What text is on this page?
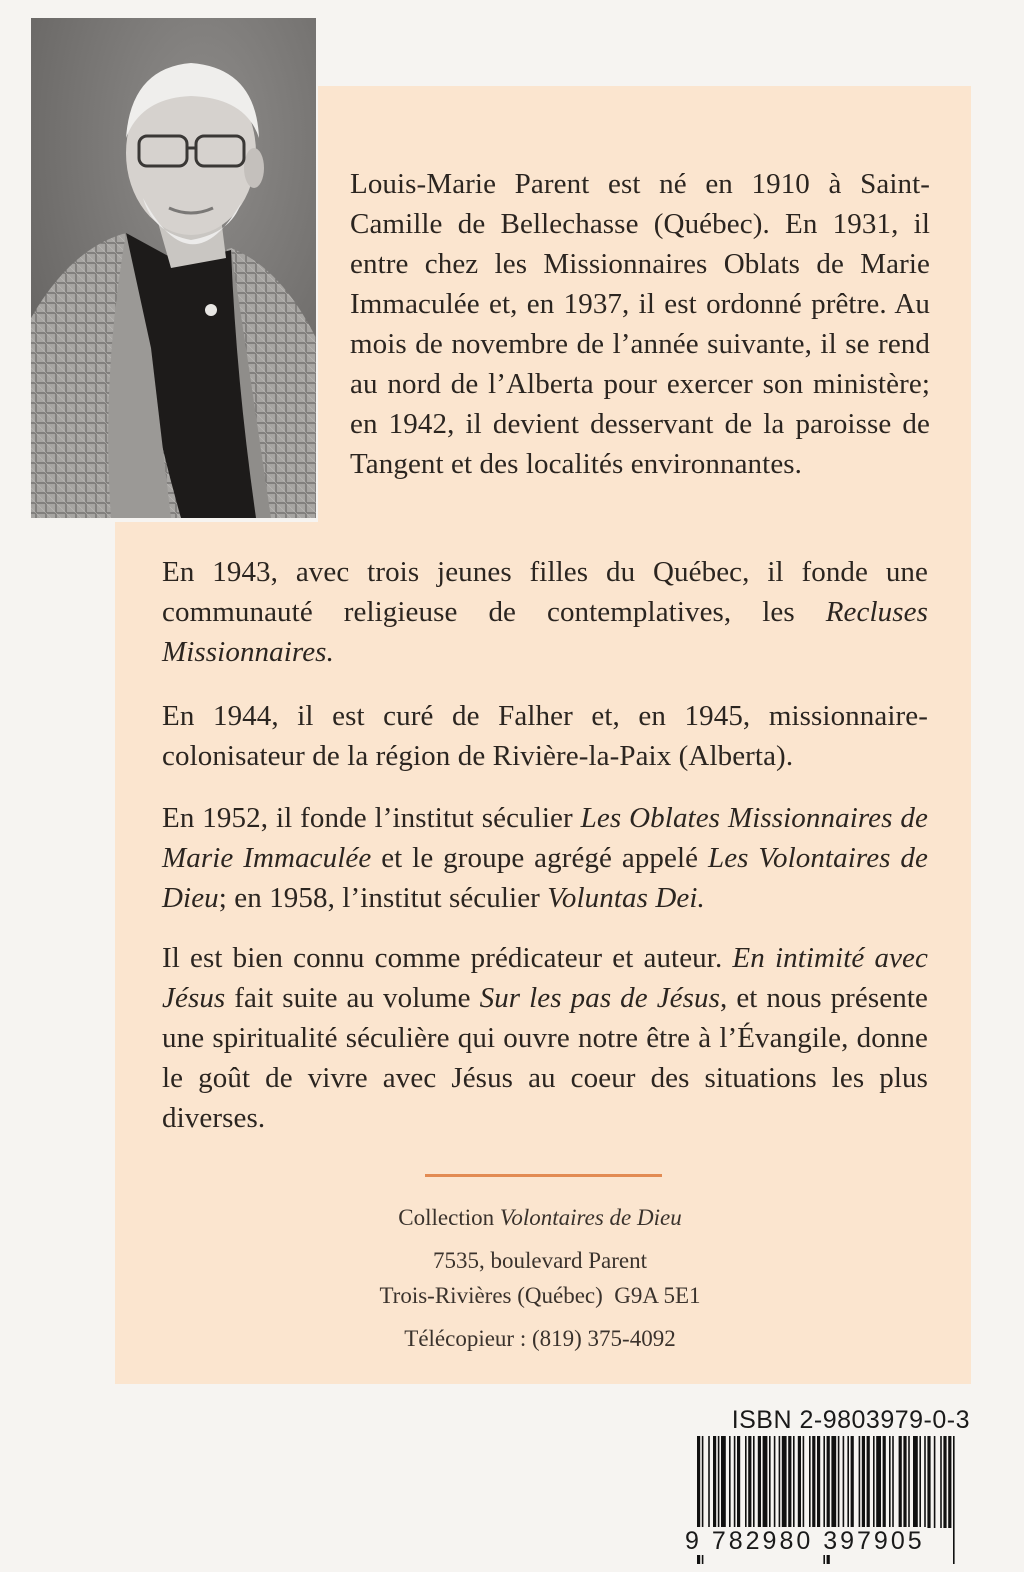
Louis-Marie Parent est né en 1910 à Saint-Camille de Bellechasse (Québec). En 1931, il entre chez les Missionnaires Oblats de Marie Immaculée et, en 1937, il est ordonné prêtre. Au mois de novembre de l’année suivante, il se rend au nord de l’Alberta pour exercer son ministère; en 1942, il devient desservant de la paroisse de Tangent et des localités environnantes.

En 1943, avec trois jeunes filles du Québec, il fonde une communauté religieuse de contemplatives, les Recluses Missionnaires.

En 1944, il est curé de Falher et, en 1945, missionnaire-colonisateur de la région de Rivière-la-Paix (Alberta).

En 1952, il fonde l’institut séculier Les Oblates Missionnaires de Marie Immaculée et le groupe agrégé appelé Les Volontaires de Dieu; en 1958, l’institut séculier Voluntas Dei.

Il est bien connu comme prédicateur et auteur. En intimité avec Jésus fait suite au volume Sur les pas de Jésus, et nous présente une spiritualité séculière qui ouvre notre être à l’Évangile, donne le goût de vivre avec Jésus au coeur des situations les plus diverses.

Collection Volontaires de Dieu
7535, boulevard Parent
Trois-Rivières (Québec)  G9A 5E1
Télécopieur : (819) 375-4092
ISBN 2-9803979-0-3
9 782980 397905
